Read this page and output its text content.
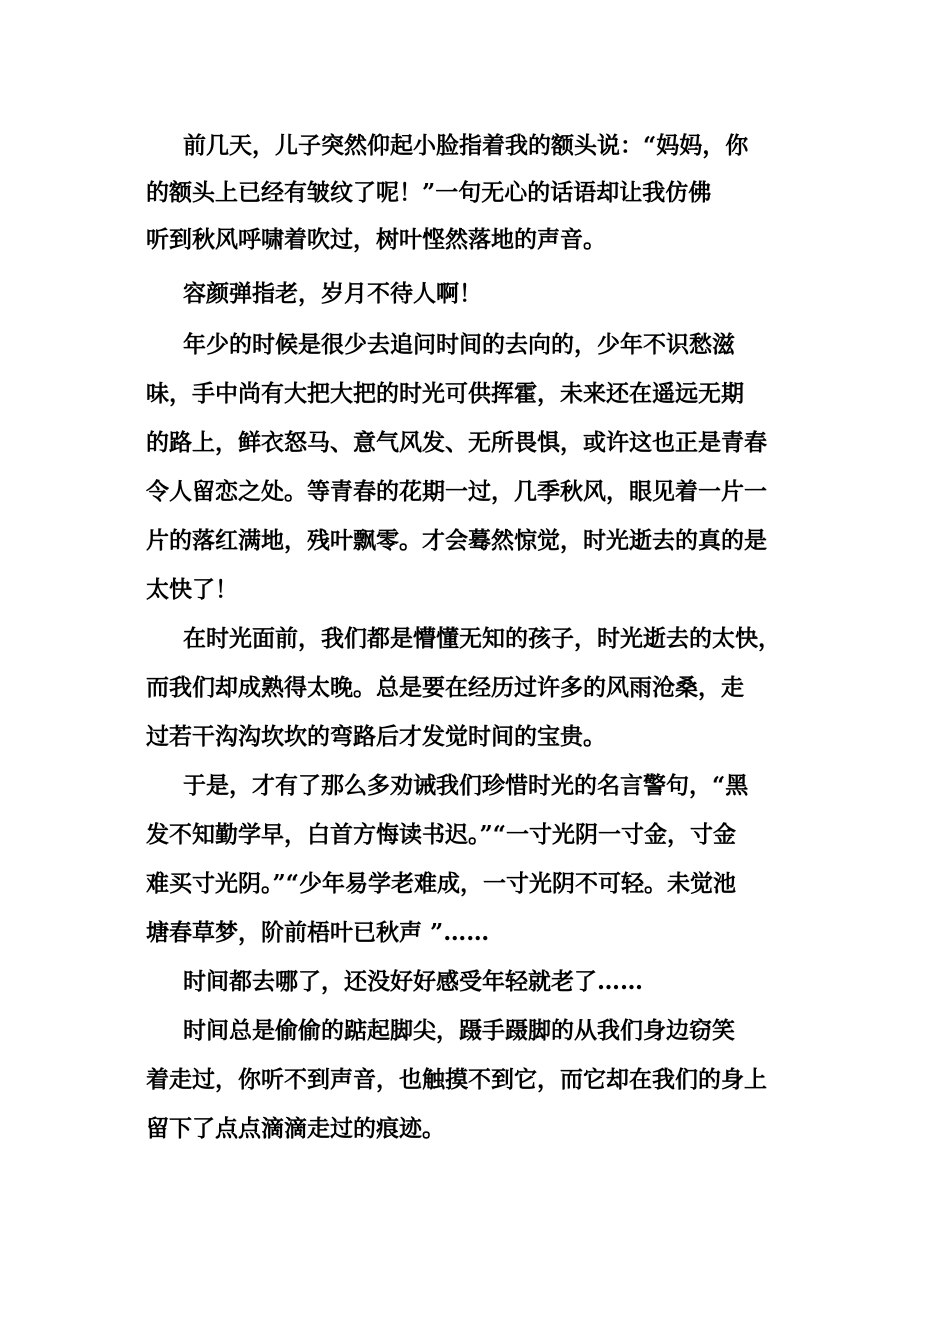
前几天，儿子突然仰起小脸指着我的额头说：“妈妈，你
的额头上已经有皱纹了呢！”一句无心的话语却让我仿佛
听到秋风呼啸着吹过，树叶悭然落地的声音。
容颜弹指老，岁月不待人啊！
年少的时候是很少去追问时间的去向的，少年不识愁滋
味，手中尚有大把大把的时光可供挥霍，未来还在遥远无期
的路上，鲜衣怒马、意气风发、无所畏惧，或许这也正是青春
令人留恋之处。等青春的花期一过，几季秋风，眼见着一片一
片的落红满地，残叶飘零。才会蓦然惊觉，时光逝去的真的是
太快了！
在时光面前，我们都是懵懂无知的孩子，时光逝去的太快，
而我们却成熟得太晚。总是要在经历过许多的风雨沧桑，走
过若干沟沟坎坎的弯路后才发觉时间的宝贵。
于是，才有了那么多劝诫我们珍惜时光的名言警句，“黑
发不知勤学早，白首方悔读书迟。”“一寸光阴一寸金，寸金
难买寸光阴。”“少年易学老难成，一寸光阴不可轻。未觉池
塘春草梦，阶前梧叶已秋声 ”……
时间都去哪了，还没好好感受年轻就老了……
时间总是偷偷的踮起脚尖，蹑手蹑脚的从我们身边窃笑
着走过，你听不到声音，也触摸不到它，而它却在我们的身上
留下了点点滴滴走过的痕迹。
